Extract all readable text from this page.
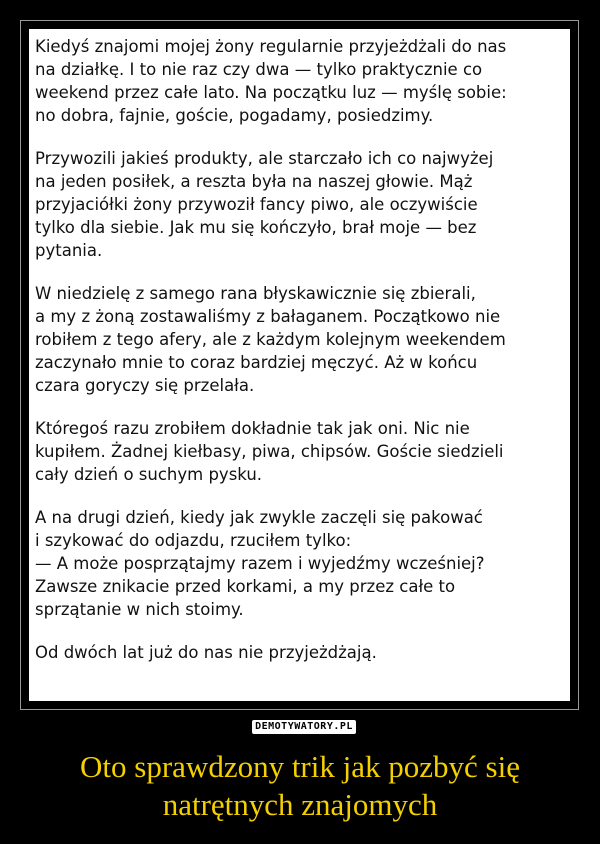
Kiedyś znajomi mojej żony regularnie przyjeżdżali do nas
na działkę. I to nie raz czy dwa — tylko praktycznie co
weekend przez całe lato. Na początku luz — myślę sobie:
no dobra, fajnie, goście, pogadamy, posiedzimy.
Przywozili jakieś produkty, ale starczało ich co najwyżej
na jeden posiłek, a reszta była na naszej głowie. Mąż
przyjaciółki żony przywoził fancy piwo, ale oczywiście
tylko dla siebie. Jak mu się kończyło, brał moje — bez
pytania.
W niedzielę z samego rana błyskawicznie się zbierali,
a my z żoną zostawaliśmy z bałaganem. Początkowo nie
robiłem z tego afery, ale z każdym kolejnym weekendem
zaczynało mnie to coraz bardziej męczyć. Aż w końcu
czara goryczy się przelała.
Któregoś razu zrobiłem dokładnie tak jak oni. Nic nie
kupiłem. Żadnej kiełbasy, piwa, chipsów. Goście siedzieli
cały dzień o suchym pysku.
A na drugi dzień, kiedy jak zwykle zaczęli się pakować
i szykować do odjazdu, rzuciłem tylko:
— A może posprzątajmy razem i wyjedźmy wcześniej?
Zawsze znikacie przed korkami, a my przez całe to
sprzątanie w nich stoimy.
Od dwóch lat już do nas nie przyjeżdżają.
DEMOTYWATORY.PL
Oto sprawdzony trik jak pozbyć się
natrętnych znajomych
